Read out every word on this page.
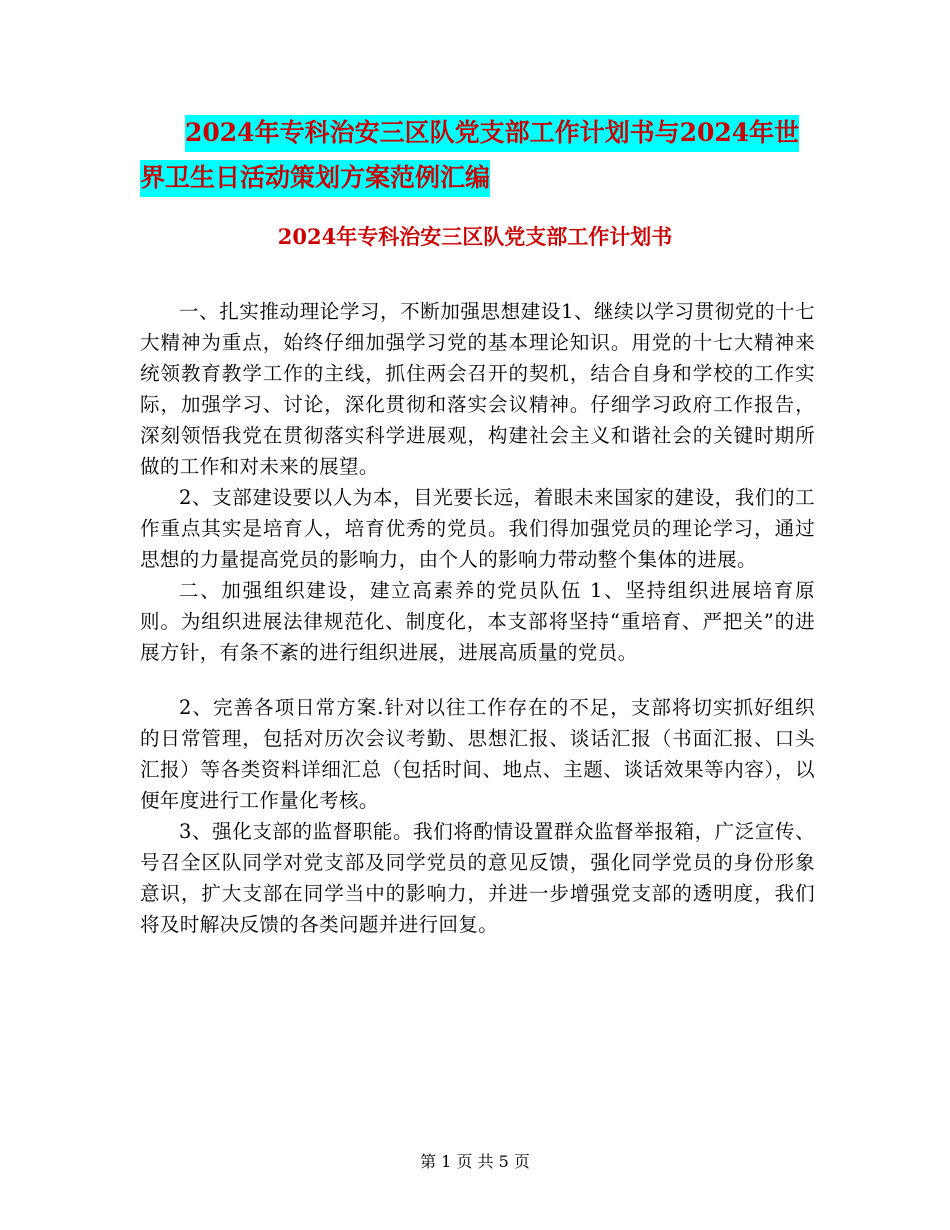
2024年专科治安三区队党支部工作计划书与2024年世
界卫生日活动策划方案范例汇编
2024年专科治安三区队党支部工作计划书

一、扎实推动理论学习，不断加强思想建设1、继续以学习贯彻党的十七大精神为重点，始终仔细加强学习党的基本理论知识。用党的十七大精神来统领教育教学工作的主线，抓住两会召开的契机，结合自身和学校的工作实际，加强学习、讨论，深化贯彻和落实会议精神。仔细学习政府工作报告，深刻领悟我党在贯彻落实科学进展观，构建社会主义和谐社会的关键时期所做的工作和对未来的展望。

2、支部建设要以人为本，目光要长远，着眼未来国家的建设，我们的工作重点其实是培育人，培育优秀的党员。我们得加强党员的理论学习，通过思想的力量提高党员的影响力，由个人的影响力带动整个集体的进展。

二、加强组织建设，建立高素养的党员队伍 1、坚持组织进展培育原则。为组织进展法律规范化、制度化，本支部将坚持“重培育、严把关”的进展方针，有条不紊的进行组织进展，进展高质量的党员。

2、完善各项日常方案.针对以往工作存在的不足，支部将切实抓好组织的日常管理，包括对历次会议考勤、思想汇报、谈话汇报（书面汇报、口头汇报）等各类资料详细汇总（包括时间、地点、主题、谈话效果等内容），以便年度进行工作量化考核。

3、强化支部的监督职能。我们将酌情设置群众监督举报箱，广泛宣传、号召全区队同学对党支部及同学党员的意见反馈，强化同学党员的身份形象意识，扩大支部在同学当中的影响力，并进一步增强党支部的透明度，我们将及时解决反馈的各类问题并进行回复。

第 1 页 共 5 页
